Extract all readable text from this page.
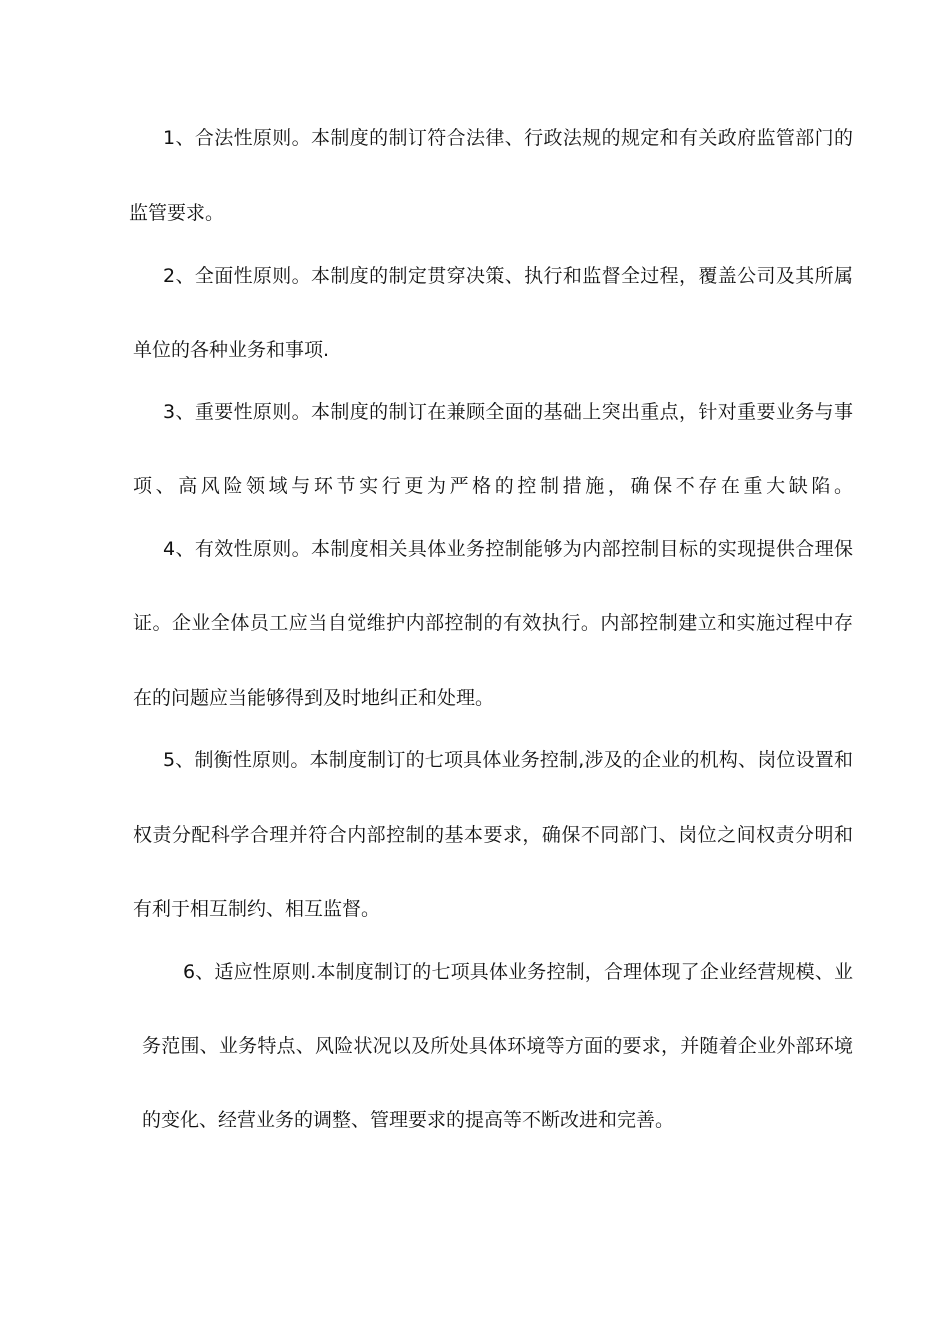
1、合法性原则。本制度的制订符合法律、行政法规的规定和有关政府监管部门的
监管要求。
2、全面性原则。本制度的制定贯穿决策、执行和监督全过程，覆盖公司及其所属
单位的各种业务和事项.
3、重要性原则。本制度的制订在兼顾全面的基础上突出重点，针对重要业务与事
项、高风险领域与环节实行更为严格的控制措施，确保不存在重大缺陷。
4、有效性原则。本制度相关具体业务控制能够为内部控制目标的实现提供合理保
证。企业全体员工应当自觉维护内部控制的有效执行。内部控制建立和实施过程中存
在的问题应当能够得到及时地纠正和处理。
5、制衡性原则。本制度制订的七项具体业务控制,涉及的企业的机构、岗位设置和
权责分配科学合理并符合内部控制的基本要求，确保不同部门、岗位之间权责分明和
有利于相互制约、相互监督。
6、适应性原则.本制度制订的七项具体业务控制，合理体现了企业经营规模、业
务范围、业务特点、风险状况以及所处具体环境等方面的要求，并随着企业外部环境
的变化、经营业务的调整、管理要求的提高等不断改进和完善。
